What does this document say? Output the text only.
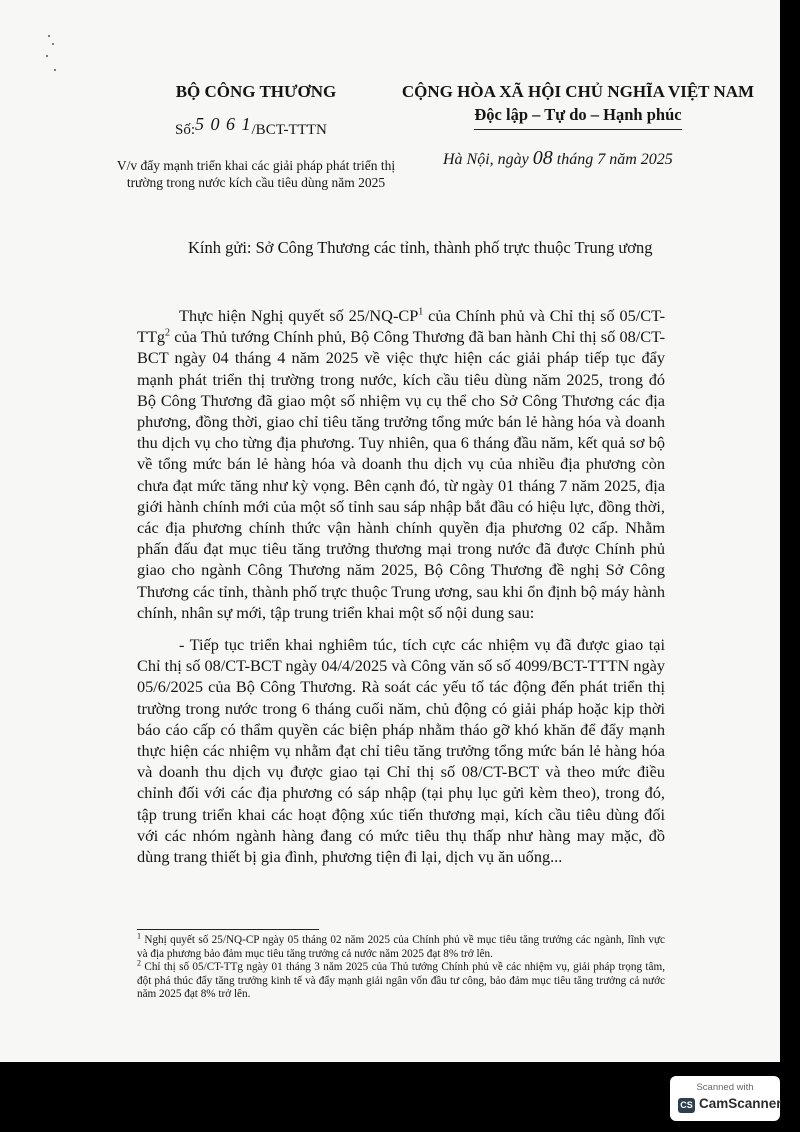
BỘ CÔNG THƯƠNG
Số:5 0 6 1/BCT-TTTN
V/v đẩy mạnh triển khai các giải pháp phát triển thị trường trong nước kích cầu tiêu dùng năm 2025
CỘNG HÒA XÃ HỘI CHỦ NGHĨA VIỆT NAM
Độc lập – Tự do – Hạnh phúc
Hà Nội, ngày 08 tháng 7 năm 2025
Kính gửi: Sở Công Thương các tỉnh, thành phố trực thuộc Trung ương

Thực hiện Nghị quyết số $25/NQ-CP^1$ của Chính phủ và Chỉ thị số 05/CT-TTg$^2$ của Thủ tướng Chính phủ, Bộ Công Thương đã ban hành Chỉ thị số 08/CT-BCT ngày 04 tháng 4 năm 2025 về việc thực hiện các giải pháp tiếp tục đẩy mạnh phát triển thị trường trong nước, kích cầu tiêu dùng năm 2025, trong đó Bộ Công Thương đã giao một số nhiệm vụ cụ thể cho Sở Công Thương các địa phương, đồng thời, giao chỉ tiêu tăng trưởng tổng mức bán lẻ hàng hóa và doanh thu dịch vụ cho từng địa phương. Tuy nhiên, qua 6 tháng đầu năm, kết quả sơ bộ về tổng mức bán lẻ hàng hóa và doanh thu dịch vụ của nhiều địa phương còn chưa đạt mức tăng như kỳ vọng. Bên cạnh đó, từ ngày 01 tháng 7 năm 2025, địa giới hành chính mới của một số tỉnh sau sáp nhập bắt đầu có hiệu lực, đồng thời, các địa phương chính thức vận hành chính quyền địa phương 02 cấp. Nhằm phấn đấu đạt mục tiêu tăng trưởng thương mại trong nước đã được Chính phủ giao cho ngành Công Thương năm 2025, Bộ Công Thương đề nghị Sở Công Thương các tỉnh, thành phố trực thuộc Trung ương, sau khi ổn định bộ máy hành chính, nhân sự mới, tập trung triển khai một số nội dung sau:

- Tiếp tục triển khai nghiêm túc, tích cực các nhiệm vụ đã được giao tại Chỉ thị số 08/CT-BCT ngày 04/4/2025 và Công văn số số 4099/BCT-TTTN ngày 05/6/2025 của Bộ Công Thương. Rà soát các yếu tố tác động đến phát triển thị trường trong nước trong 6 tháng cuối năm, chủ động có giải pháp hoặc kịp thời báo cáo cấp có thẩm quyền các biện pháp nhằm tháo gỡ khó khăn để đẩy mạnh thực hiện các nhiệm vụ nhằm đạt chỉ tiêu tăng trưởng tổng mức bán lẻ hàng hóa và doanh thu dịch vụ được giao tại Chỉ thị số 08/CT-BCT và theo mức điều chỉnh đối với các địa phương có sáp nhập (tại phụ lục gửi kèm theo), trong đó, tập trung triển khai các hoạt động xúc tiến thương mại, kích cầu tiêu dùng đối với các nhóm ngành hàng đang có mức tiêu thụ thấp như hàng may mặc, đồ dùng trang thiết bị gia đình, phương tiện đi lại, dịch vụ ăn uống...

$^1$ Nghị quyết số 25/NQ-CP ngày 05 tháng 02 năm 2025 của Chính phủ về mục tiêu tăng trưởng các ngành, lĩnh vực và địa phương bảo đảm mục tiêu tăng trưởng cả nước năm 2025 đạt 8% trở lên.

$^2$ Chỉ thị số 05/CT-TTg ngày 01 tháng 3 năm 2025 của Thủ tướng Chính phủ về các nhiệm vụ, giải pháp trọng tâm, đột phá thúc đẩy tăng trưởng kinh tế và đẩy mạnh giải ngân vốn đầu tư công, bảo đảm mục tiêu tăng trưởng cả nước năm 2025 đạt 8% trở lên.

Scanned with
CS CamScanner
